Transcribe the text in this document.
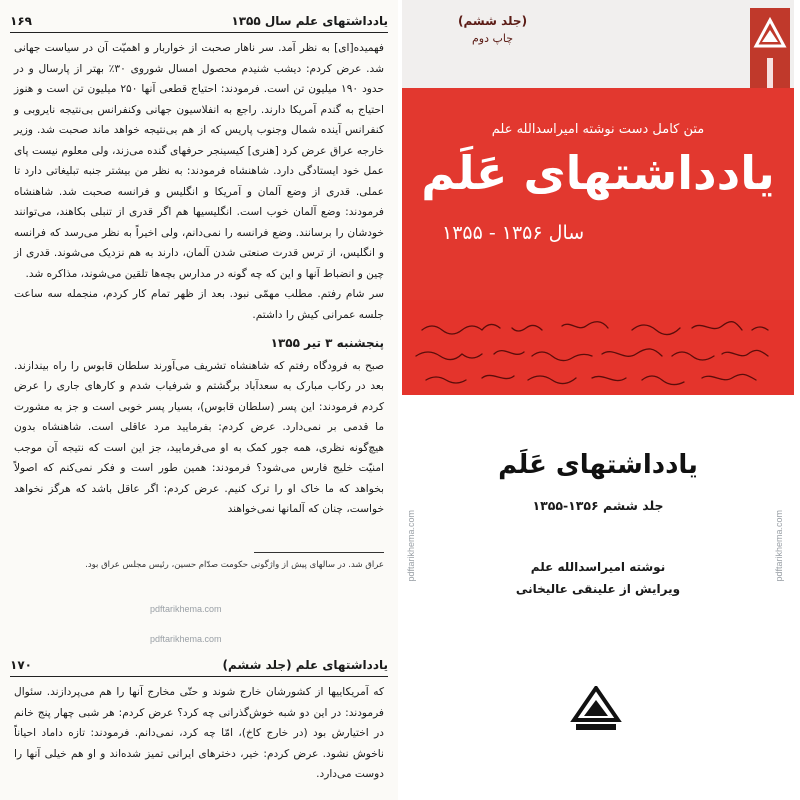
۱۶۹	یادداشتهای علم سال ۱۳۵۵

فهمیده[ای] به نظر آمد. سر ناهار صحبت از خواربار و اهمیّت آن در سیاست جهانی شد. عرض کردم: دیشب شنیدم محصول امسال شوروی ۳۰٪ بهتر از پارسال و در حدود ۱۹۰ میلیون تن است. فرمودند: احتیاج قطعی آنها ۲۵۰ میلیون تن است و هنوز احتیاج به گندم آمریکا دارند. راجع به انفلاسیون جهانی وکنفرانس بی‌نتیجه نایروبی و کنفرانس آینده شمال وجنوب پاریس که از هم بی‌نتیجه خواهد ماند صحبت شد. وزیر خارجه عراق عرض کرد [هنری] کیسینجر حرفهای گنده می‌زند، ولی معلوم نیست پای عمل خود ایستادگی دارد. شاهنشاه فرمودند: به نظر من بیشتر جنبه تبلیغاتی دارد تا عملی. قدری از وضع آلمان و آمریکا و انگلیس و فرانسه صحبت شد. شاهنشاه فرمودند: وضع آلمان خوب است. انگلیسیها هم اگر قدری از تنبلی بکاهند، می‌توانند خودشان را برسانند. وضع فرانسه را نمی‌دانم، ولی اخیراً به نظر می‌رسد که فرانسه و انگلیس، از ترس قدرت صنعتی شدن آلمان، دارند به هم نزدیک می‌شوند. قدری از چین و انضباط آنها و این که چه گونه در مدارس بچه‌ها تلقین می‌شوند، مذاکره شد.

سر شام رفتم. مطلب مهمّی نبود. بعد از ظهر تمام کار کردم، منجمله سه ساعت جلسه عمرانی کیش را داشتم.

پنجشنبه ۳ تیر ۱۳۵۵

صبح به فرودگاه رفتم که شاهنشاه تشریف می‌آورند سلطان قابوس را راه بیندازند. بعد در رکاب مبارک به سعدآباد برگشتم و شرفیاب شدم و کارهای جاری را عرض کردم فرمودند: این پسر (سلطان قابوس)، بسیار پسر خوبی است و جز به مشورت ما قدمی بر نمی‌دارد. عرض کردم: بفرمایید مرد عاقلی است. شاهنشاه بدون هیچ‌گونه نظری، همه جور کمک به او می‌فرمایید، جز این است که نتیجه آن موجب امنیّت خلیج فارس می‌شود؟ فرمودند: همین طور است و فکر نمی‌کنم که اصولاً بخواهد که ما خاک او را ترک کنیم. عرض کردم: اگر عاقل باشد که هرگز نخواهد خواست، چنان که آلمانها نمی‌خواهند

عراق شد. در سالهای پیش از واژگونی حکومت صدّام حسین، رئیس مجلس عراق بود.
pdftarikhema.com
pdftarikhema.com
۱۷۰	یادداشتهای علم (جلد ششم)

که آمریکاییها از کشورشان خارج شوند و حتّی مخارج آنها را هم می‌پردازند. سئوال فرمودند: در این دو شبه خوش‌گذرانی چه کرد؟ عرض کردم: هر شبی چهار پنج خانم در اختیارش بود (در خارج کاخ)، امّا چه کرد، نمی‌دانم. فرمودند: تازه داماد احیاناً ناخوش نشود. عرض کردم: خیر، دخترهای ایرانی تمیز شده‌اند و او هم خیلی آنها را دوست می‌دارد.

(جلد ششم)
چاپ دوم
متن کامل دست نوشته امیراسدالله علم
یادداشتهای عَلَم
سال ۱۳۵۶ - ۱۳۵۵
pdftarikhema.com	pdftarikhema.com
یادداشتهای عَلَم
جلد ششم ۱۳۵۶-۱۳۵۵
نوشته امیراسدالله علم
ویرایش از علینقی عالیخانی
